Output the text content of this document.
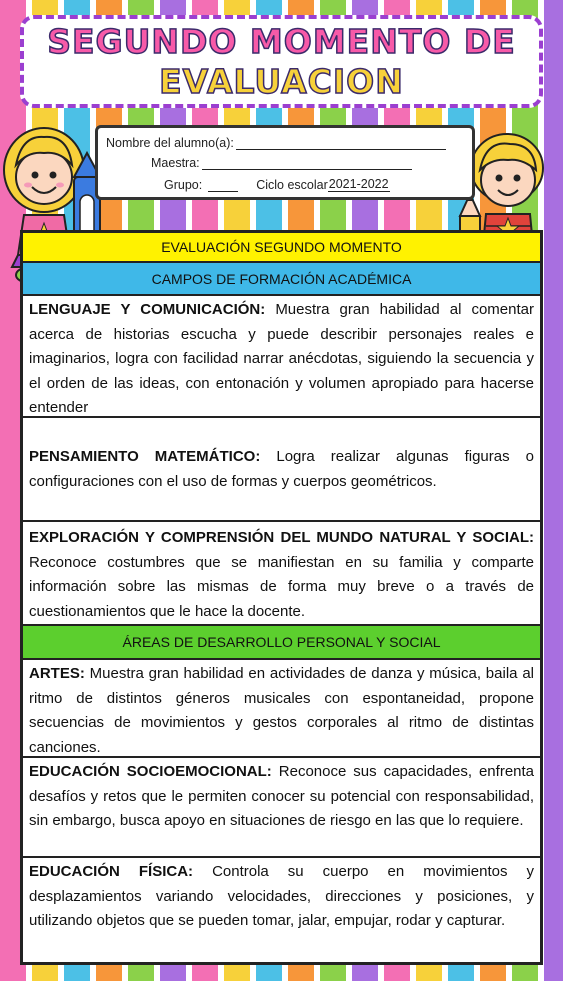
SEGUNDO MOMENTO DE
EVALUACION
Nombre del alumno(a):
Maestra:
Grupo:	Ciclo escolar 2021-2022
EVALUACIÓN SEGUNDO MOMENTO
CAMPOS DE FORMACIÓN ACADÉMICA
LENGUAJE Y COMUNICACIÓN: Muestra gran habilidad al comentar acerca de historias escucha y puede describir personajes reales e imaginarios, logra con facilidad narrar anécdotas, siguiendo la secuencia y el orden de las ideas, con entonación y volumen apropiado para hacerse entender
PENSAMIENTO MATEMÁTICO: Logra realizar algunas figuras o configuraciones con el uso de formas y cuerpos geométricos.
EXPLORACIÓN Y COMPRENSIÓN DEL MUNDO NATURAL Y SOCIAL: Reconoce costumbres que se manifiestan en su familia y comparte información sobre las mismas de forma muy breve o a través de cuestionamientos que le hace la docente.
ÁREAS DE DESARROLLO PERSONAL Y SOCIAL
ARTES: Muestra gran habilidad en actividades de danza y música, baila al ritmo de distintos géneros musicales con espontaneidad, propone secuencias de movimientos y gestos corporales al ritmo de distintas canciones.
EDUCACIÓN SOCIOEMOCIONAL: Reconoce sus capacidades, enfrenta desafíos y retos que le permiten conocer su potencial con responsabilidad, sin embargo, busca apoyo en situaciones de riesgo en las que lo requiere.
EDUCACIÓN FÍSICA: Controla su cuerpo en movimientos y desplazamientos variando velocidades, direcciones y posiciones, y utilizando objetos que se pueden tomar, jalar, empujar, rodar y capturar.
